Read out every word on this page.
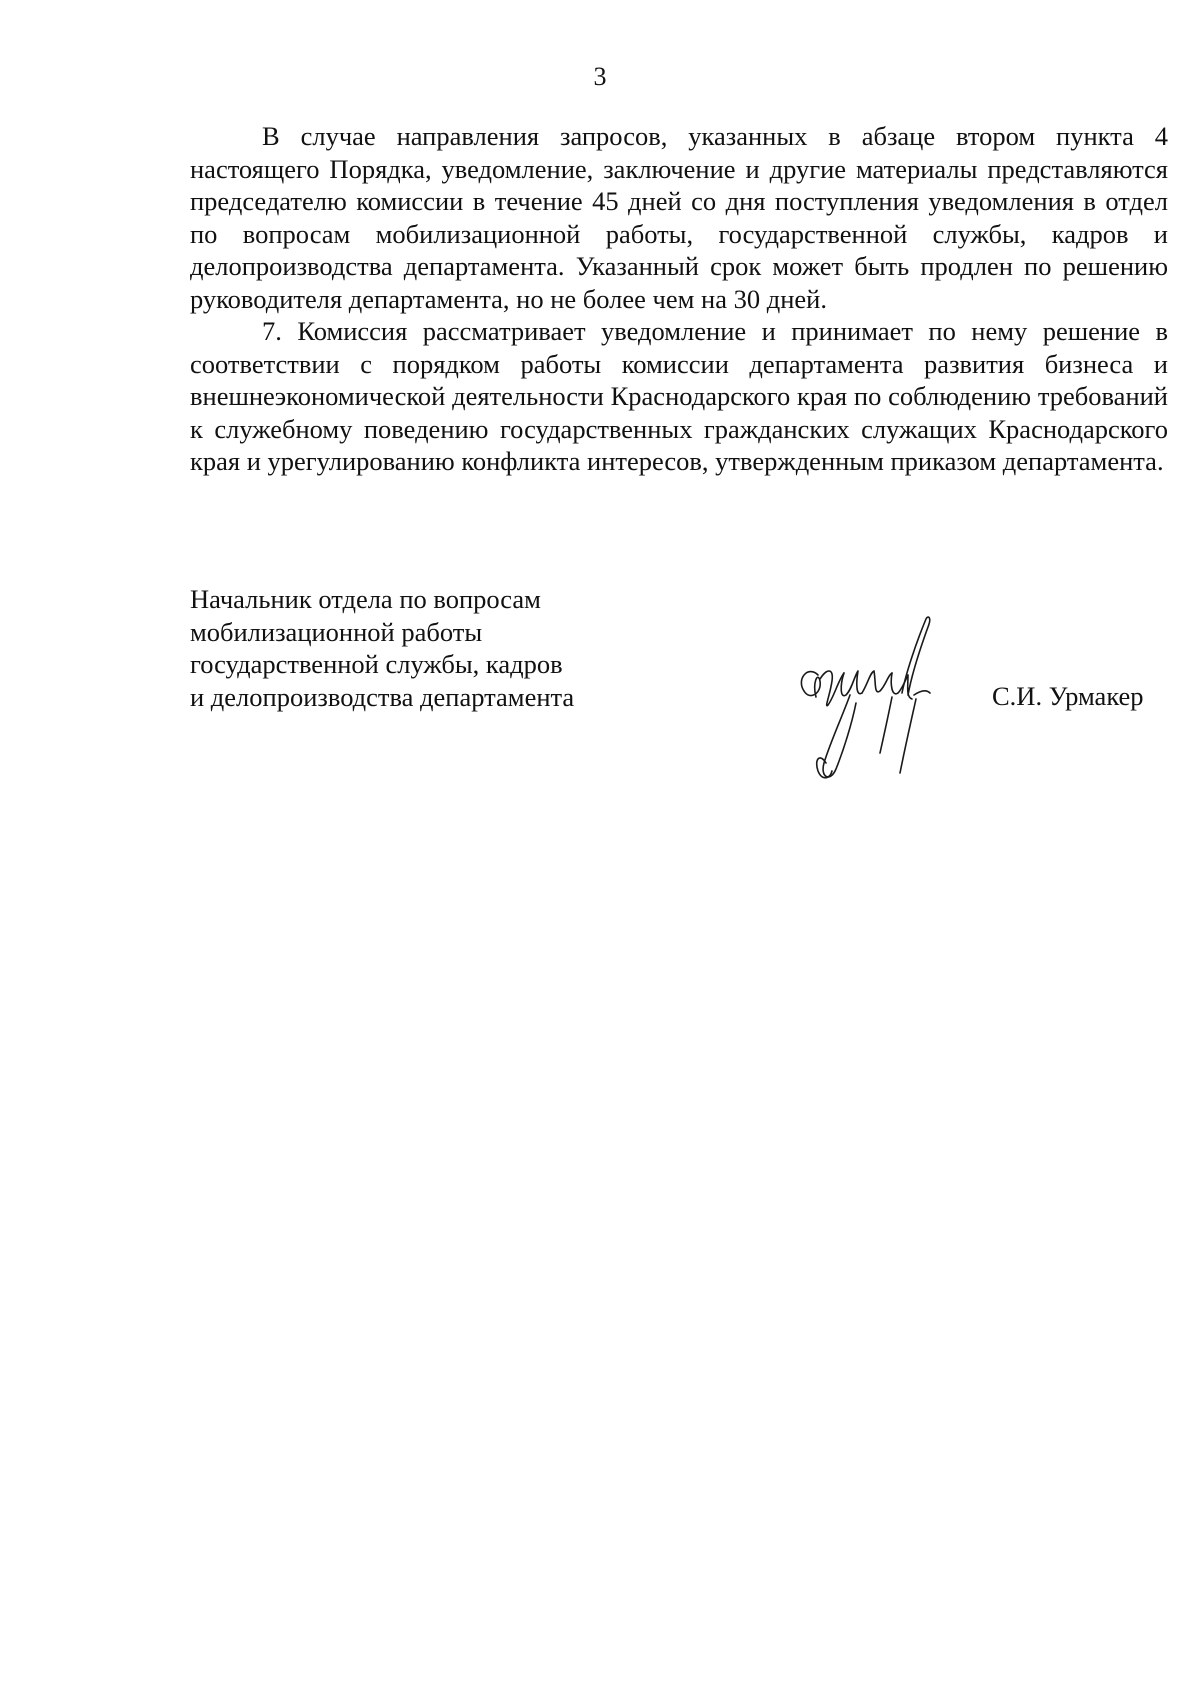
3

В случае направления запросов, указанных в абзаце втором пункта 4 настоящего Порядка, уведомление, заключение и другие материалы представляются председателю комиссии в течение 45 дней со дня поступления уведомления в отдел по вопросам мобилизационной работы, государственной службы, кадров и делопроизводства департамента. Указанный срок может быть продлен по решению руководителя департамента, но не более чем на 30 дней.

7. Комиссия рассматривает уведомление и принимает по нему решение в соответствии с порядком работы комиссии департамента развития бизнеса и внешнеэкономической деятельности Краснодарского края по соблюдению требований к служебному поведению государственных гражданских служащих Краснодарского края и урегулированию конфликта интересов, утвержденным приказом департамента.

Начальник отдела по вопросам
мобилизационной работы
государственной службы, кадров
и делопроизводства департамента	С.И. Урмакер
